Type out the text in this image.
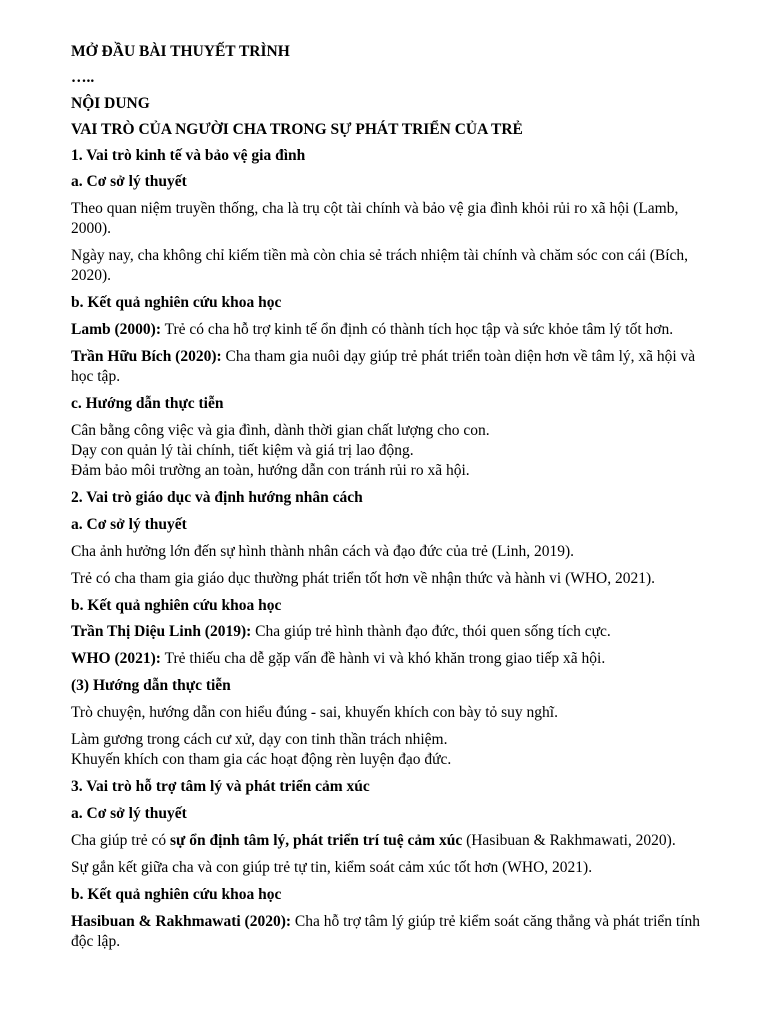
MỞ ĐẦU BÀI THUYẾT TRÌNH

…..

NỘI DUNG

VAI TRÒ CỦA NGƯỜI CHA TRONG SỰ PHÁT TRIỂN CỦA TRẺ

1. Vai trò kinh tế và bảo vệ gia đình

a. Cơ sở lý thuyết

Theo quan niệm truyền thống, cha là trụ cột tài chính và bảo vệ gia đình khỏi rủi ro xã hội (Lamb, 2000).

Ngày nay, cha không chỉ kiếm tiền mà còn chia sẻ trách nhiệm tài chính và chăm sóc con cái (Bích, 2020).

b. Kết quả nghiên cứu khoa học

Lamb (2000): Trẻ có cha hỗ trợ kinh tế ổn định có thành tích học tập và sức khỏe tâm lý tốt hơn.

Trần Hữu Bích (2020): Cha tham gia nuôi dạy giúp trẻ phát triển toàn diện hơn về tâm lý, xã hội và học tập.

c. Hướng dẫn thực tiễn

Cân bằng công việc và gia đình, dành thời gian chất lượng cho con.

Dạy con quản lý tài chính, tiết kiệm và giá trị lao động.

Đảm bảo môi trường an toàn, hướng dẫn con tránh rủi ro xã hội.

2. Vai trò giáo dục và định hướng nhân cách

a. Cơ sở lý thuyết

Cha ảnh hưởng lớn đến sự hình thành nhân cách và đạo đức của trẻ (Linh, 2019).

Trẻ có cha tham gia giáo dục thường phát triển tốt hơn về nhận thức và hành vi (WHO, 2021).

b. Kết quả nghiên cứu khoa học

Trần Thị Diệu Linh (2019): Cha giúp trẻ hình thành đạo đức, thói quen sống tích cực.

WHO (2021): Trẻ thiếu cha dễ gặp vấn đề hành vi và khó khăn trong giao tiếp xã hội.

(3) Hướng dẫn thực tiễn

Trò chuyện, hướng dẫn con hiểu đúng - sai, khuyến khích con bày tỏ suy nghĩ.

Làm gương trong cách cư xử, dạy con tinh thần trách nhiệm.

Khuyến khích con tham gia các hoạt động rèn luyện đạo đức.

3. Vai trò hỗ trợ tâm lý và phát triển cảm xúc

a. Cơ sở lý thuyết

Cha giúp trẻ có sự ổn định tâm lý, phát triển trí tuệ cảm xúc (Hasibuan & Rakhmawati, 2020).

Sự gắn kết giữa cha và con giúp trẻ tự tin, kiểm soát cảm xúc tốt hơn (WHO, 2021).

b. Kết quả nghiên cứu khoa học

Hasibuan & Rakhmawati (2020): Cha hỗ trợ tâm lý giúp trẻ kiểm soát căng thẳng và phát triển tính độc lập.
